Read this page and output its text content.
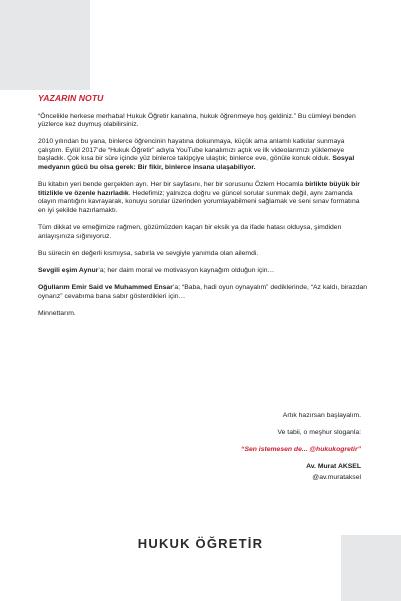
YAZARIN NOTU

“Öncelikle herkese merhaba! Hukuk Öğretir kanalına, hukuk öğrenmeye hoş geldiniz.” Bu cümleyi benden yüzlerce kez duymuş olabilirsiniz.

2010 yılından bu yana, binlerce öğrencinin hayatına dokunmaya, küçük ama anlamlı katkılar sunmaya çalıştım. Eylül 2017’de “Hukuk Öğretir” adıyla YouTube kanalımızı açtık ve ilk videolarımızı yüklemeye başladık. Çok kısa bir süre içinde yüz binlerce takipçiye ulaştık; binlerce eve, gönüle konuk olduk. Sosyal medyanın gücü bu olsa gerek: Bir fikir, binlerce insana ulaşabiliyor.

Bu kitabın yeri bende gerçekten ayrı. Her bir sayfasını, her bir sorusunu Özlem Hocamla birlikte büyük bir titizlikle ve özenle hazırladık. Hedefimiz; yalnızca doğru ve güncel sorular sunmak değil, aynı zamanda olayın mantığını kavrayarak, konuyu sorular üzerinden yorumlayabilmeni sağlamak ve seni sınav formatına en iyi şekilde hazırlamaktı.

Tüm dikkat ve emeğimize rağmen, gözümüzden kaçan bir eksik ya da ifade hatası olduysa, şimdiden anlayışınıza sığınıyoruz.

Bu sürecin en değerli kısmıysa, sabırla ve sevgiyle yanımda olan ailemdi.

Sevgili eşim Aynur’a; her daim moral ve motivasyon kaynağım olduğun için…

Oğullarım Emir Said ve Muhammed Ensar’a; “Baba, hadi oyun oynayalım” dediklerinde, “Az kaldı, birazdan oynarız” cevabıma bana sabır gösterdikleri için…

Minnettarım.

Artık hazırsan başlayalım.
Ve tabii, o meşhur sloganla:
“Sen istemesen de... @hukukogretir”
Av. Murat AKSEL
@av.murataksel
HUKUK ÖĞRETİR
